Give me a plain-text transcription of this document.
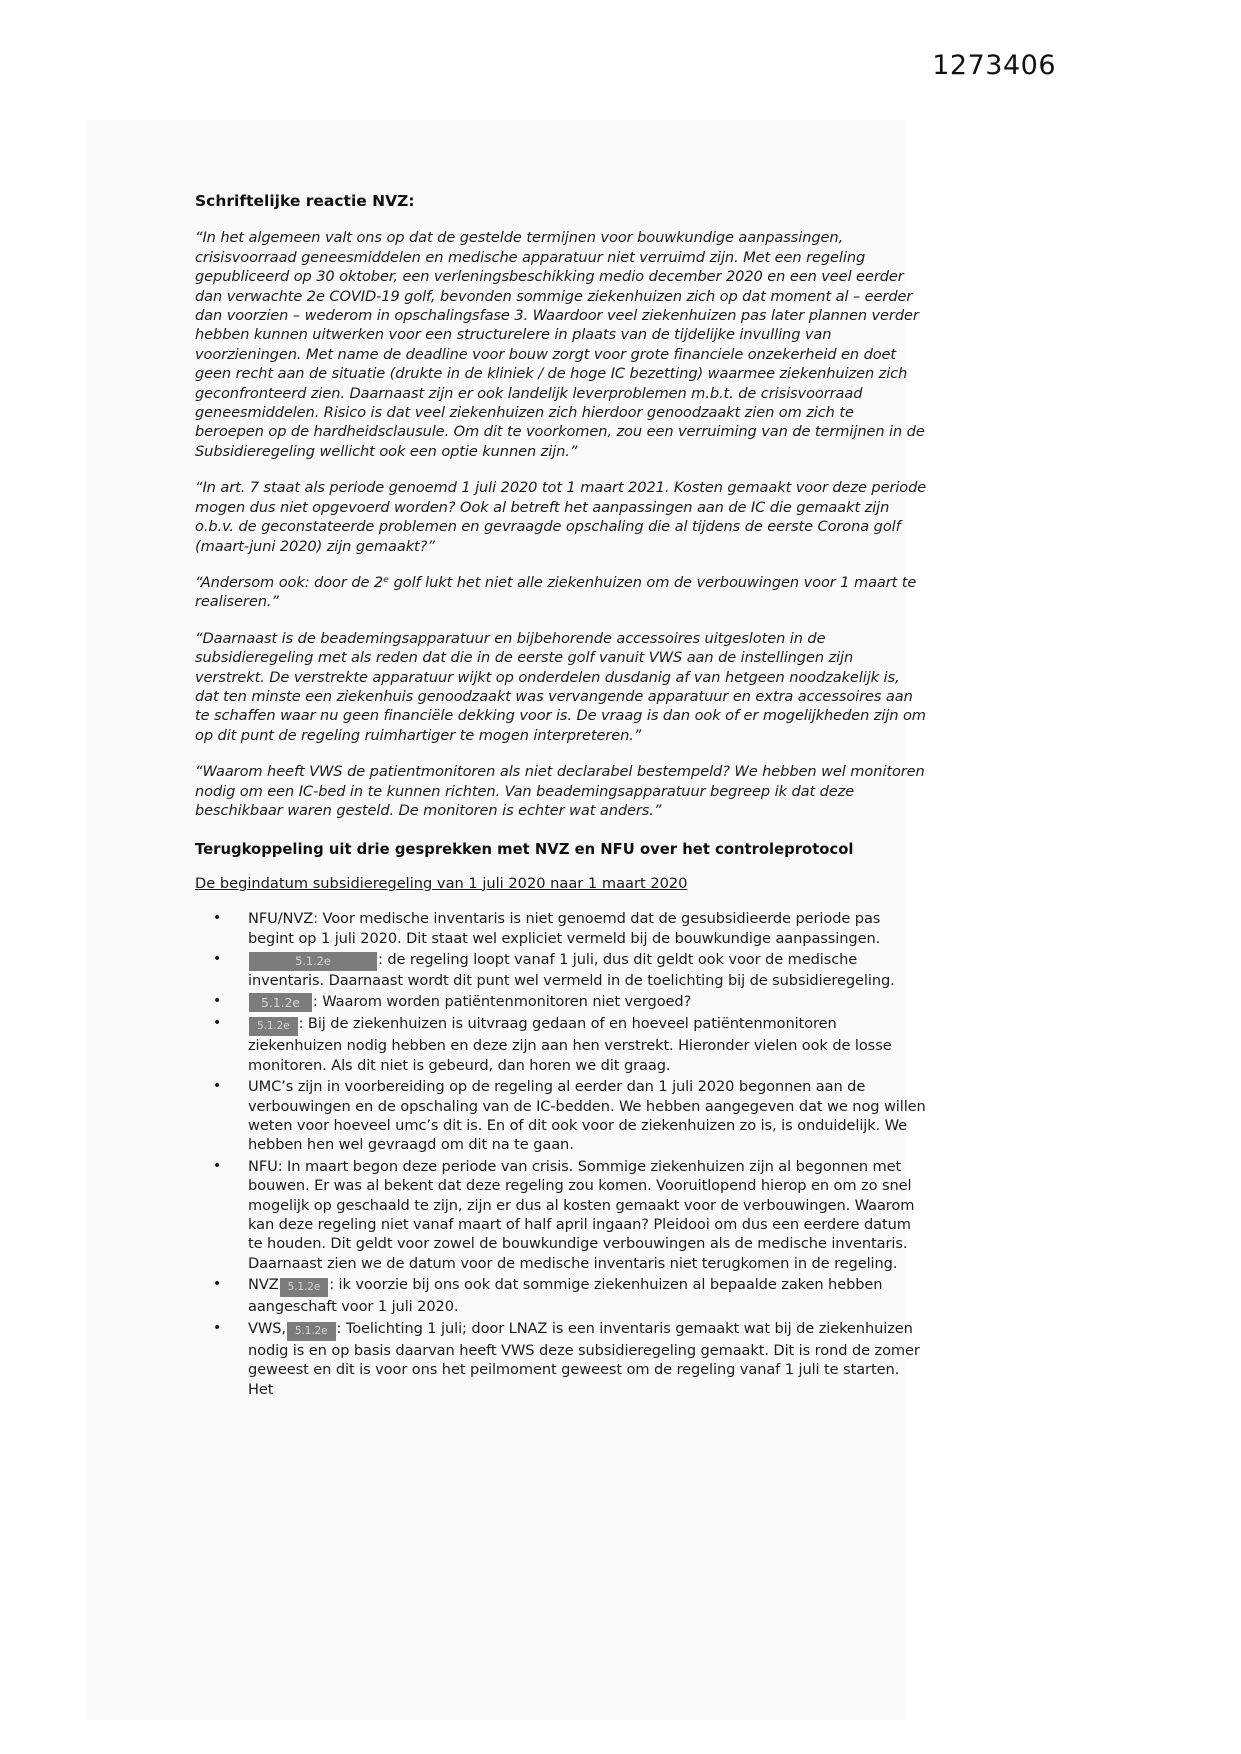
1273406
Schriftelijke reactie NVZ:

“In het algemeen valt ons op dat de gestelde termijnen voor bouwkundige aanpassingen, crisisvoorraad geneesmiddelen en medische apparatuur niet verruimd zijn. Met een regeling gepubliceerd op 30 oktober, een verleningsbeschikking medio december 2020 en een veel eerder dan verwachte 2e COVID-19 golf, bevonden sommige ziekenhuizen zich op dat moment al – eerder dan voorzien – wederom in opschalingsfase 3. Waardoor veel ziekenhuizen pas later plannen verder hebben kunnen uitwerken voor een structurelere in plaats van de tijdelijke invulling van voorzieningen. Met name de deadline voor bouw zorgt voor grote financiele onzekerheid en doet geen recht aan de situatie (drukte in de kliniek / de hoge IC bezetting) waarmee ziekenhuizen zich geconfronteerd zien. Daarnaast zijn er ook landelijk leverproblemen m.b.t. de crisisvoorraad geneesmiddelen. Risico is dat veel ziekenhuizen zich hierdoor genoodzaakt zien om zich te beroepen op de hardheidsclausule. Om dit te voorkomen, zou een verruiming van de termijnen in de Subsidieregeling wellicht ook een optie kunnen zijn.”

“In art. 7 staat als periode genoemd 1 juli 2020 tot 1 maart 2021. Kosten gemaakt voor deze periode mogen dus niet opgevoerd worden? Ook al betreft het aanpassingen aan de IC die gemaakt zijn o.b.v. de geconstateerde problemen en gevraagde opschaling die al tijdens de eerste Corona golf (maart-juni 2020) zijn gemaakt?”

“Andersom ook: door de 2ᵉ golf lukt het niet alle ziekenhuizen om de verbouwingen voor 1 maart te realiseren.”

“Daarnaast is de beademingsapparatuur en bijbehorende accessoires uitgesloten in de subsidieregeling met als reden dat die in de eerste golf vanuit VWS aan de instellingen zijn verstrekt. De verstrekte apparatuur wijkt op onderdelen dusdanig af van hetgeen noodzakelijk is, dat ten minste een ziekenhuis genoodzaakt was vervangende apparatuur en extra accessoires aan te schaffen waar nu geen financiële dekking voor is. De vraag is dan ook of er mogelijkheden zijn om op dit punt de regeling ruimhartiger te mogen interpreteren.”

“Waarom heeft VWS de patientmonitoren als niet declarabel bestempeld? We hebben wel monitoren nodig om een IC-bed in te kunnen richten. Van beademingsapparatuur begreep ik dat deze beschikbaar waren gesteld. De monitoren is echter wat anders.”

Terugkoppeling uit drie gesprekken met NVZ en NFU over het controleprotocol
De begindatum subsidieregeling van 1 juli 2020 naar 1 maart 2020
• NFU/NVZ: Voor medische inventaris is niet genoemd dat de gesubsidieerde periode pas begint op 1 juli 2020. Dit staat wel expliciet vermeld bij de bouwkundige aanpassingen.
• 5.1.2e	: de regeling loopt vanaf 1 juli, dus dit geldt ook voor de medische inventaris. Daarnaast wordt dit punt wel vermeld in de toelichting bij de subsidieregeling.
• 5.1.2e : Waarom worden patiëntenmonitoren niet vergoed?
• 5.1.2e : Bij de ziekenhuizen is uitvraag gedaan of en hoeveel patiëntenmonitoren ziekenhuizen nodig hebben en deze zijn aan hen verstrekt. Hieronder vielen ook de losse monitoren. Als dit niet is gebeurd, dan horen we dit graag.
• UMC’s zijn in voorbereiding op de regeling al eerder dan 1 juli 2020 begonnen aan de verbouwingen en de opschaling van de IC-bedden. We hebben aangegeven dat we nog willen weten voor hoeveel umc’s dit is. En of dit ook voor de ziekenhuizen zo is, is onduidelijk. We hebben hen wel gevraagd om dit na te gaan.
• NFU: In maart begon deze periode van crisis. Sommige ziekenhuizen zijn al begonnen met bouwen. Er was al bekent dat deze regeling zou komen. Vooruitlopend hierop en om zo snel mogelijk op geschaald te zijn, zijn er dus al kosten gemaakt voor de verbouwingen. Waarom kan deze regeling niet vanaf maart of half april ingaan? Pleidooi om dus een eerdere datum te houden. Dit geldt voor zowel de bouwkundige verbouwingen als de medische inventaris. Daarnaast zien we de datum voor de medische inventaris niet terugkomen in de regeling.
• NVZ 5.1.2e : ik voorzie bij ons ook dat sommige ziekenhuizen al bepaalde zaken hebben aangeschaft voor 1 juli 2020.
• VWS, 5.1.2e : Toelichting 1 juli; door LNAZ is een inventaris gemaakt wat bij de ziekenhuizen nodig is en op basis daarvan heeft VWS deze subsidieregeling gemaakt. Dit is rond de zomer geweest en dit is voor ons het peilmoment geweest om de regeling vanaf 1 juli te starten. Het
